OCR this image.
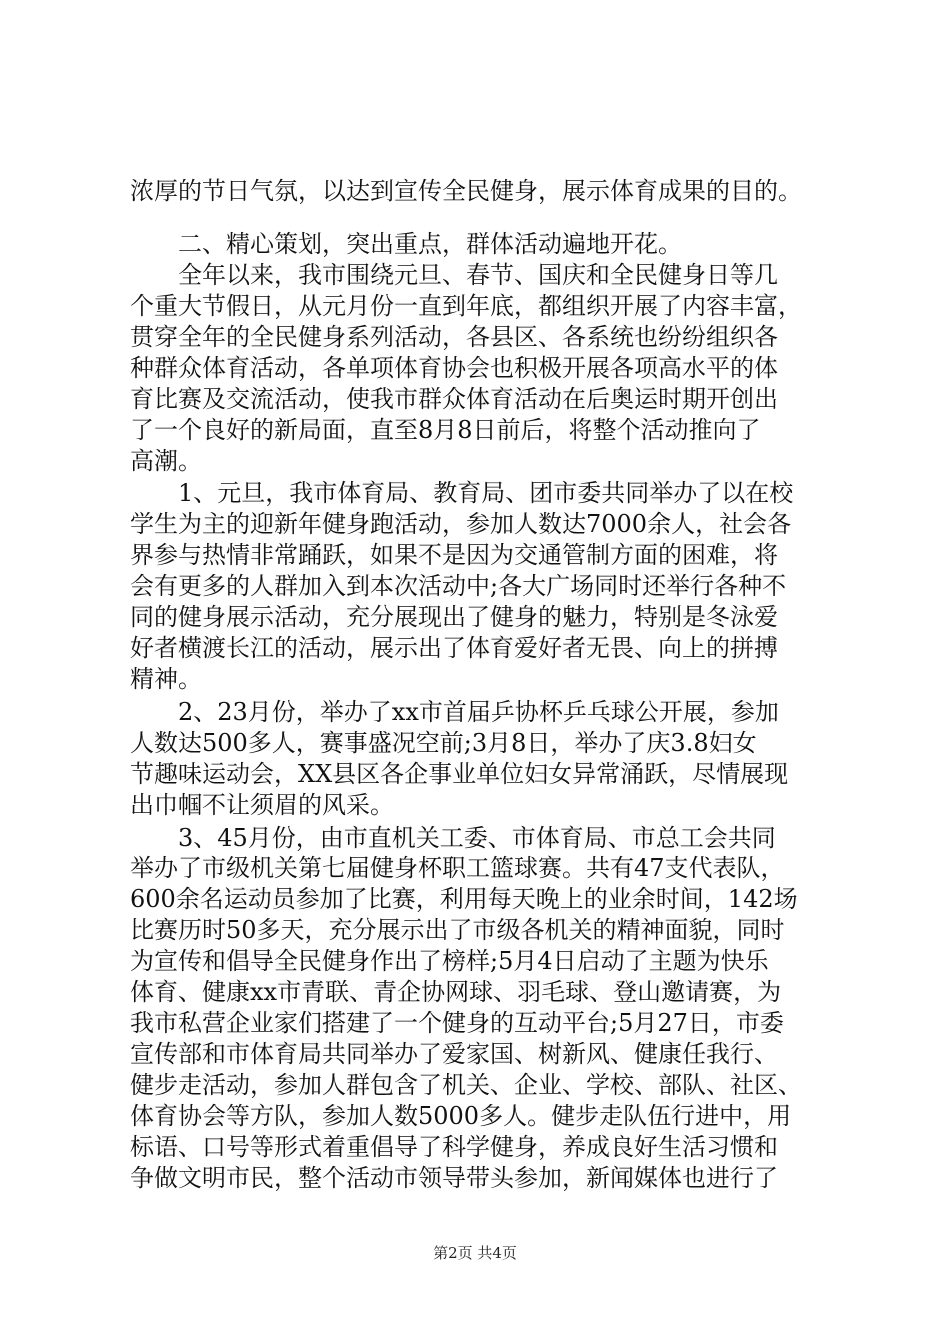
浓厚的节日气氛，以达到宣传全民健身，展示体育成果的目的。
二、精心策划，突出重点，群体活动遍地开花。
全年以来，我市围绕元旦、春节、国庆和全民健身日等几
个重大节假日，从元月份一直到年底，都组织开展了内容丰富，
贯穿全年的全民健身系列活动，各县区、各系统也纷纷组织各
种群众体育活动，各单项体育协会也积极开展各项高水平的体
育比赛及交流活动，使我市群众体育活动在后奥运时期开创出
了一个良好的新局面，直至8月8日前后，将整个活动推向了
高潮。
1、元旦，我市体育局、教育局、团市委共同举办了以在校
学生为主的迎新年健身跑活动，参加人数达7000余人，社会各
界参与热情非常踊跃，如果不是因为交通管制方面的困难，将
会有更多的人群加入到本次活动中;各大广场同时还举行各种不
同的健身展示活动，充分展现出了健身的魅力，特别是冬泳爱
好者横渡长江的活动，展示出了体育爱好者无畏、向上的拼搏
精神。
2、23月份，举办了xx市首届乒协杯乒乓球公开展，参加
人数达500多人，赛事盛况空前;3月8日，举办了庆3.8妇女
节趣味运动会，XX县区各企事业单位妇女异常涌跃，尽情展现
出巾帼不让须眉的风采。
3、45月份，由市直机关工委、市体育局、市总工会共同
举办了市级机关第七届健身杯职工篮球赛。共有47支代表队，
600余名运动员参加了比赛，利用每天晚上的业余时间，142场
比赛历时50多天，充分展示出了市级各机关的精神面貌，同时
为宣传和倡导全民健身作出了榜样;5月4日启动了主题为快乐
体育、健康xx市青联、青企协网球、羽毛球、登山邀请赛，为
我市私营企业家们搭建了一个健身的互动平台;5月27日，市委
宣传部和市体育局共同举办了爱家国、树新风、健康任我行、
健步走活动，参加人群包含了机关、企业、学校、部队、社区、
体育协会等方队，参加人数5000多人。健步走队伍行进中，用
标语、口号等形式着重倡导了科学健身，养成良好生活习惯和
争做文明市民，整个活动市领导带头参加，新闻媒体也进行了
第2页 共4页
